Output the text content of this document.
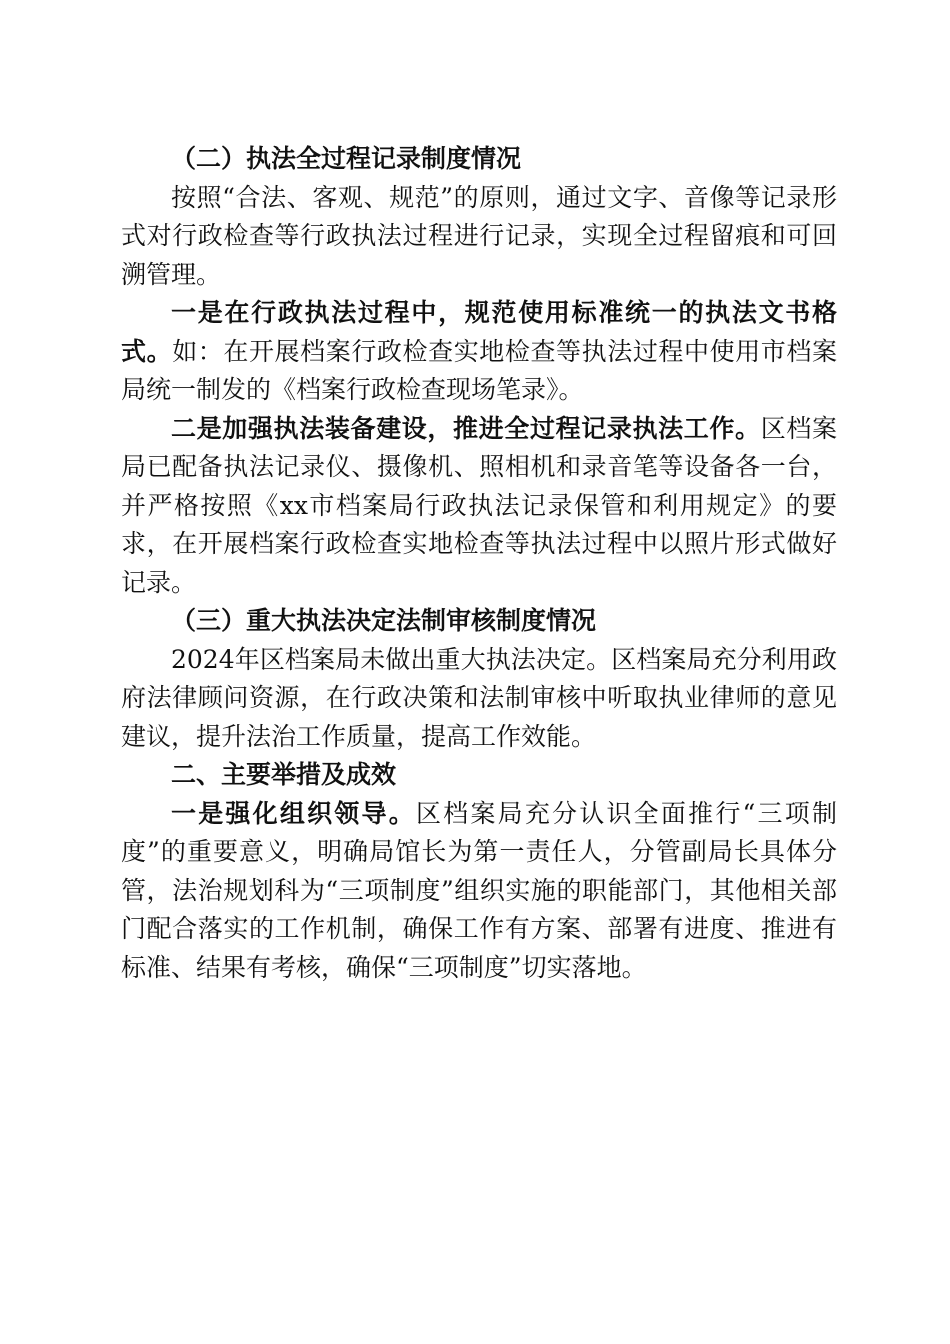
（二）执法全过程记录制度情况

按照“合法、客观、规范”的原则，通过文字、音像等记录形式对行政检查等行政执法过程进行记录，实现全过程留痕和可回溯管理。

一是在行政执法过程中，规范使用标准统一的执法文书格式。如：在开展档案行政检查实地检查等执法过程中使用市档案局统一制发的《档案行政检查现场笔录》。

二是加强执法装备建设，推进全过程记录执法工作。区档案局已配备执法记录仪、摄像机、照相机和录音笔等设备各一台，并严格按照《xx市档案局行政执法记录保管和利用规定》的要求，在开展档案行政检查实地检查等执法过程中以照片形式做好记录。

（三）重大执法决定法制审核制度情况

2024年区档案局未做出重大执法决定。区档案局充分利用政府法律顾问资源，在行政决策和法制审核中听取执业律师的意见建议，提升法治工作质量，提高工作效能。

二、主要举措及成效

一是强化组织领导。区档案局充分认识全面推行“三项制度”的重要意义，明确局馆长为第一责任人，分管副局长具体分管，法治规划科为“三项制度”组织实施的职能部门，其他相关部门配合落实的工作机制，确保工作有方案、部署有进度、推进有标准、结果有考核，确保“三项制度”切实落地。
